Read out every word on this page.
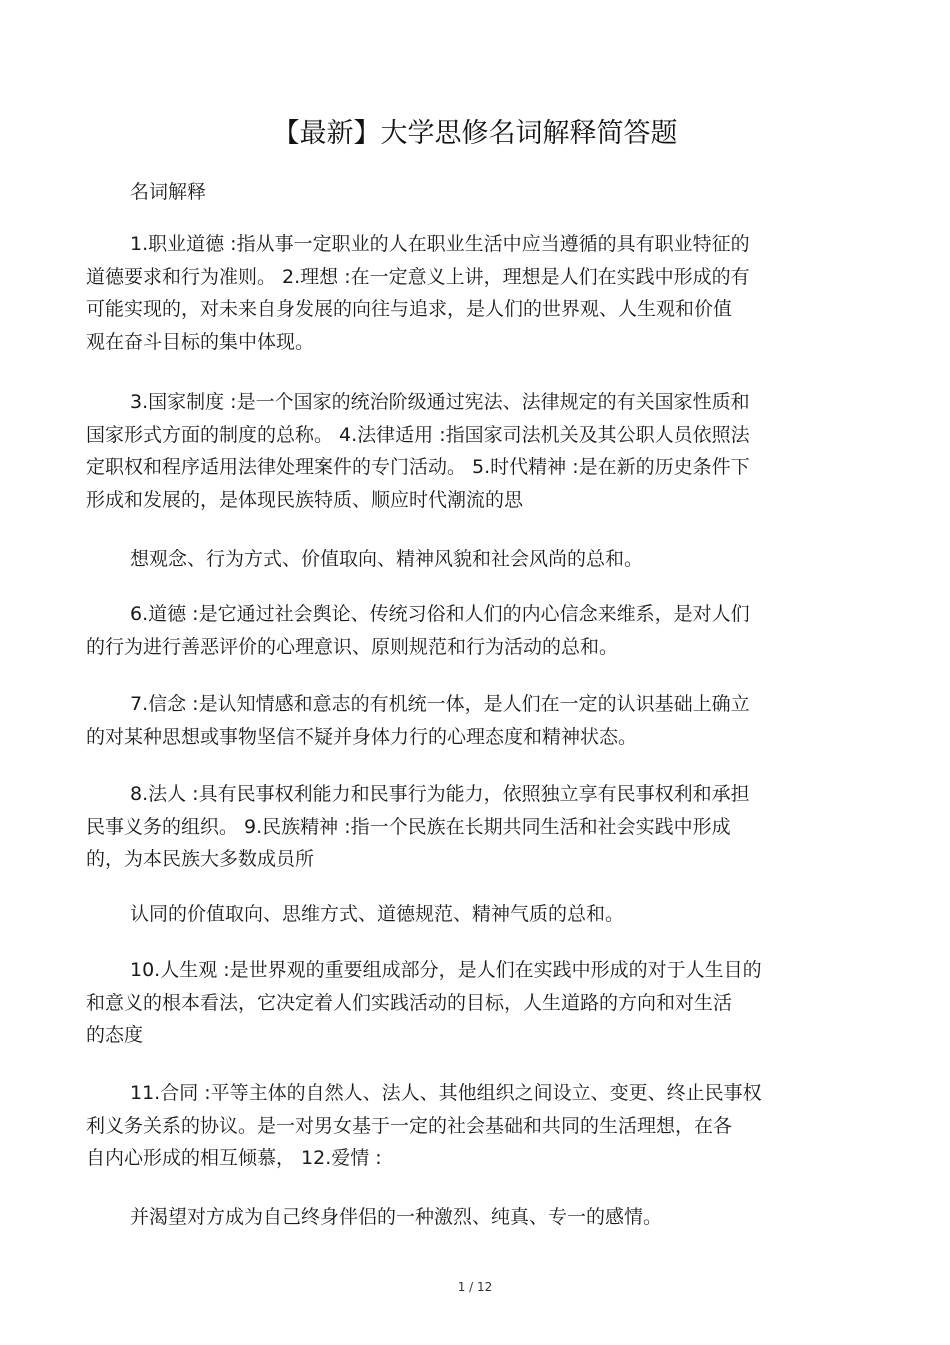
【最新】大学思修名词解释简答题
名词解释
1.职业道德 :指从事一定职业的人在职业生活中应当遵循的具有职业特征的
道德要求和行为准则。 2.理想 :在一定意义上讲，理想是人们在实践中形成的有
可能实现的，对未来自身发展的向往与追求，是人们的世界观、人生观和价值
观在奋斗目标的集中体现。
3.国家制度 :是一个国家的统治阶级通过宪法、法律规定的有关国家性质和
国家形式方面的制度的总称。 4.法律适用 :指国家司法机关及其公职人员依照法
定职权和程序适用法律处理案件的专门活动。 5.时代精神 :是在新的历史条件下
形成和发展的，是体现民族特质、顺应时代潮流的思
想观念、行为方式、价值取向、精神风貌和社会风尚的总和。
6.道德 :是它通过社会舆论、传统习俗和人们的内心信念来维系，是对人们
的行为进行善恶评价的心理意识、原则规范和行为活动的总和。
7.信念 :是认知情感和意志的有机统一体，是人们在一定的认识基础上确立
的对某种思想或事物坚信不疑并身体力行的心理态度和精神状态。
8.法人 :具有民事权利能力和民事行为能力，依照独立享有民事权利和承担
民事义务的组织。 9.民族精神 :指一个民族在长期共同生活和社会实践中形成
的，为本民族大多数成员所
认同的价值取向、思维方式、道德规范、精神气质的总和。
10.人生观 :是世界观的重要组成部分，是人们在实践中形成的对于人生目的
和意义的根本看法，它决定着人们实践活动的目标，人生道路的方向和对生活
的态度
11.合同 :平等主体的自然人、法人、其他组织之间设立、变更、终止民事权
利义务关系的协议。是一对男女基于一定的社会基础和共同的生活理想，在各
自内心形成的相互倾慕， 12.爱情 :
并渴望对方成为自己终身伴侣的一种激烈、纯真、专一的感情。
1 / 12
